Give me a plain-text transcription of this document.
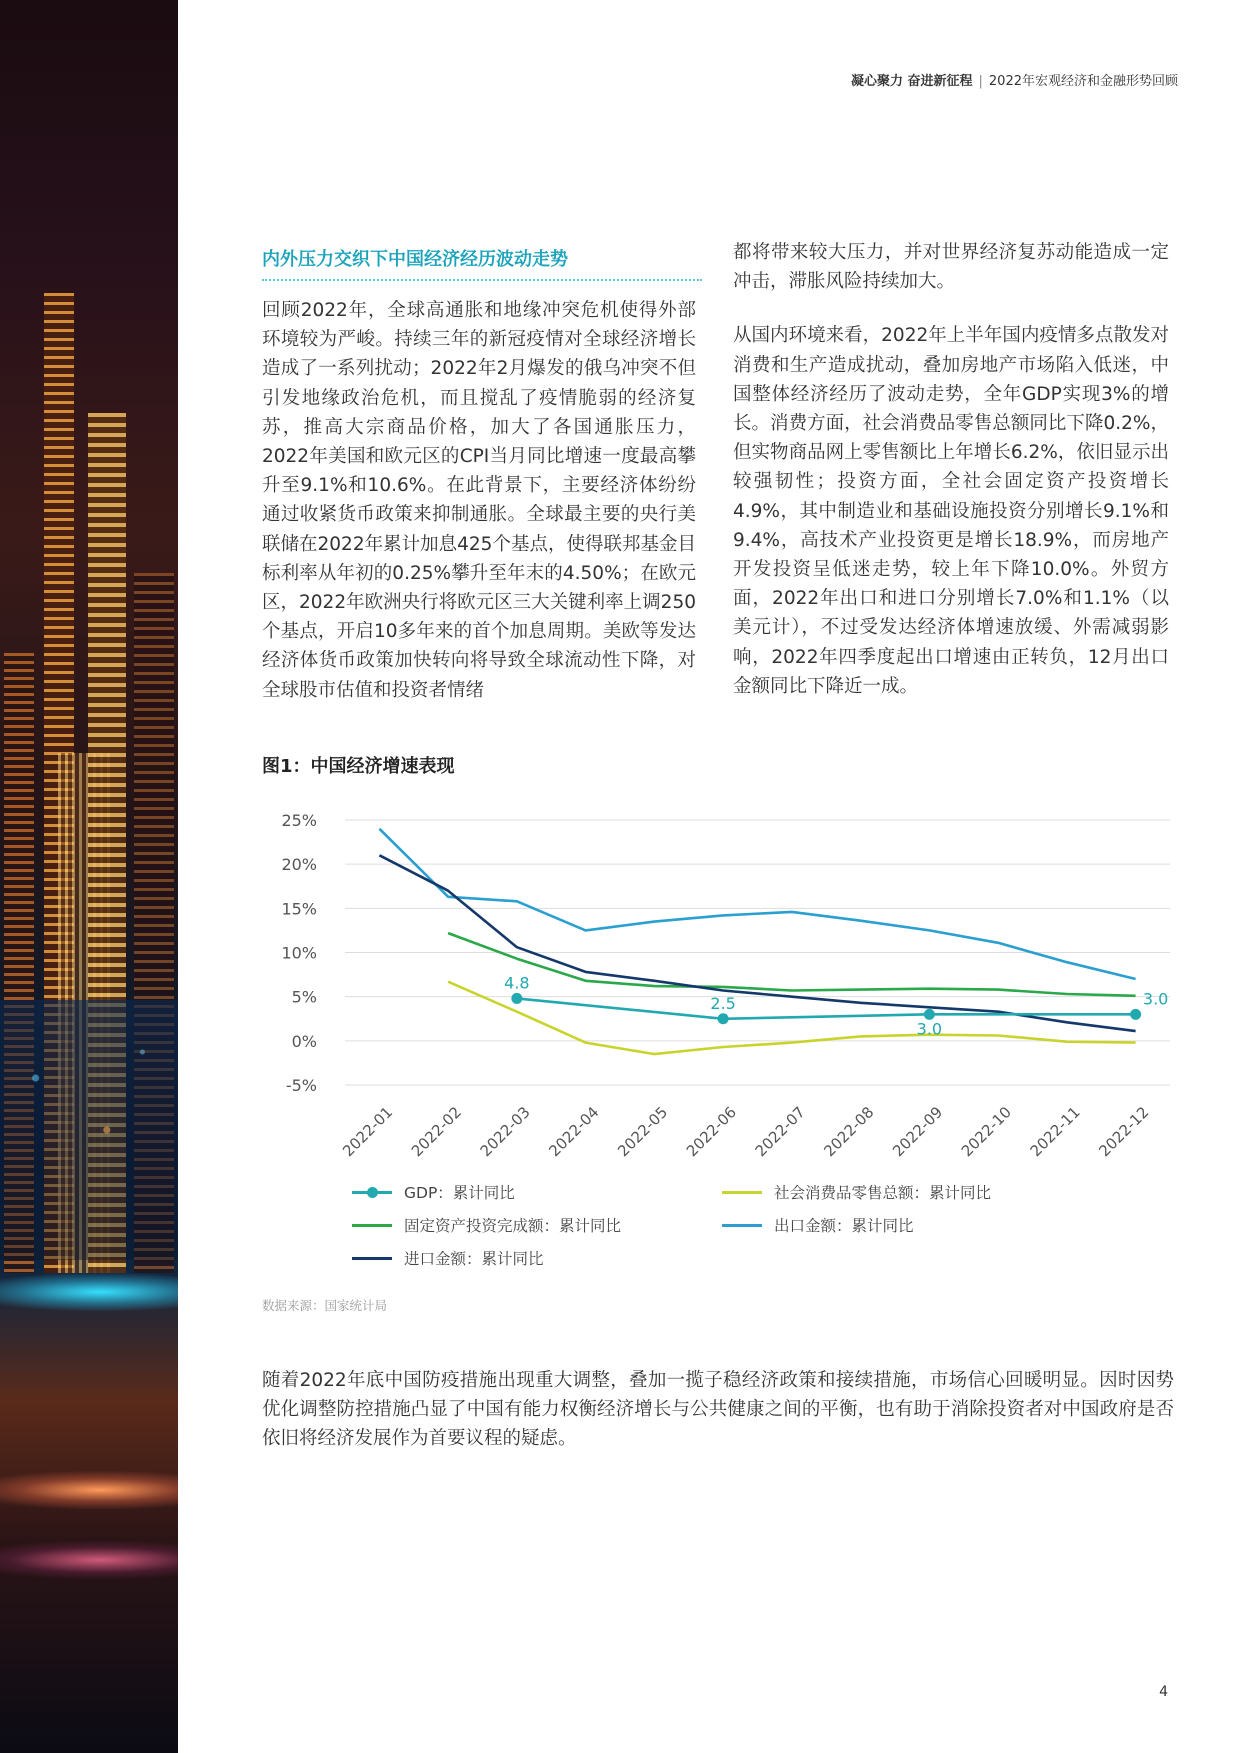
凝心聚力 奋进新征程 | 2022年宏观经济和金融形势回顾
内外压力交织下中国经济经历波动走势

回顾2022年，全球高通胀和地缘冲突危机使得外部环境较为严峻。持续三年的新冠疫情对全球经济增长造成了一系列扰动；2022年2月爆发的俄乌冲突不但引发地缘政治危机，而且搅乱了疫情脆弱的经济复苏，推高大宗商品价格，加大了各国通胀压力，2022年美国和欧元区的CPI当月同比增速一度最高攀升至9.1%和10.6%。在此背景下，主要经济体纷纷通过收紧货币政策来抑制通胀。全球最主要的央行美联储在2022年累计加息425个基点，使得联邦基金目标利率从年初的0.25%攀升至年末的4.50%；在欧元区，2022年欧洲央行将欧元区三大关键利率上调250个基点，开启10多年来的首个加息周期。美欧等发达经济体货币政策加快转向将导致全球流动性下降，对全球股市估值和投资者情绪

都将带来较大压力，并对世界经济复苏动能造成一定冲击，滞胀风险持续加大。

从国内环境来看，2022年上半年国内疫情多点散发对消费和生产造成扰动，叠加房地产市场陷入低迷，中国整体经济经历了波动走势，全年GDP实现3%的增长。消费方面，社会消费品零售总额同比下降0.2%，但实物商品网上零售额比上年增长6.2%，依旧显示出较强韧性；投资方面，全社会固定资产投资增长4.9%，其中制造业和基础设施投资分别增长9.1%和9.4%，高技术产业投资更是增长18.9%，而房地产开发投资呈低迷走势，较上年下降10.0%。外贸方面，2022年出口和进口分别增长7.0%和1.1%（以美元计），不过受发达经济体增速放缓、外需减弱影响，2022年四季度起出口增速由正转负，12月出口金额同比下降近一成。

图1：中国经济增速表现
25%
20%
15%
10%
5%
0%
-5%
2022-01 2022-02 2022-03 2022-04 2022-05 2022-06 2022-07 2022-08 2022-09 2022-10 2022-11 2022-12
4.8
2.5
3.0
3.0
GDP：累计同比	社会消费品零售总额：累计同比
固定资产投资完成额：累计同比	出口金额：累计同比
进口金额：累计同比
数据来源：国家统计局
随着2022年底中国防疫措施出现重大调整，叠加一揽子稳经济政策和接续措施，市场信心回暖明显。因时因势优化调整防控措施凸显了中国有能力权衡经济增长与公共健康之间的平衡，也有助于消除投资者对中国政府是否依旧将经济发展作为首要议程的疑虑。
4
